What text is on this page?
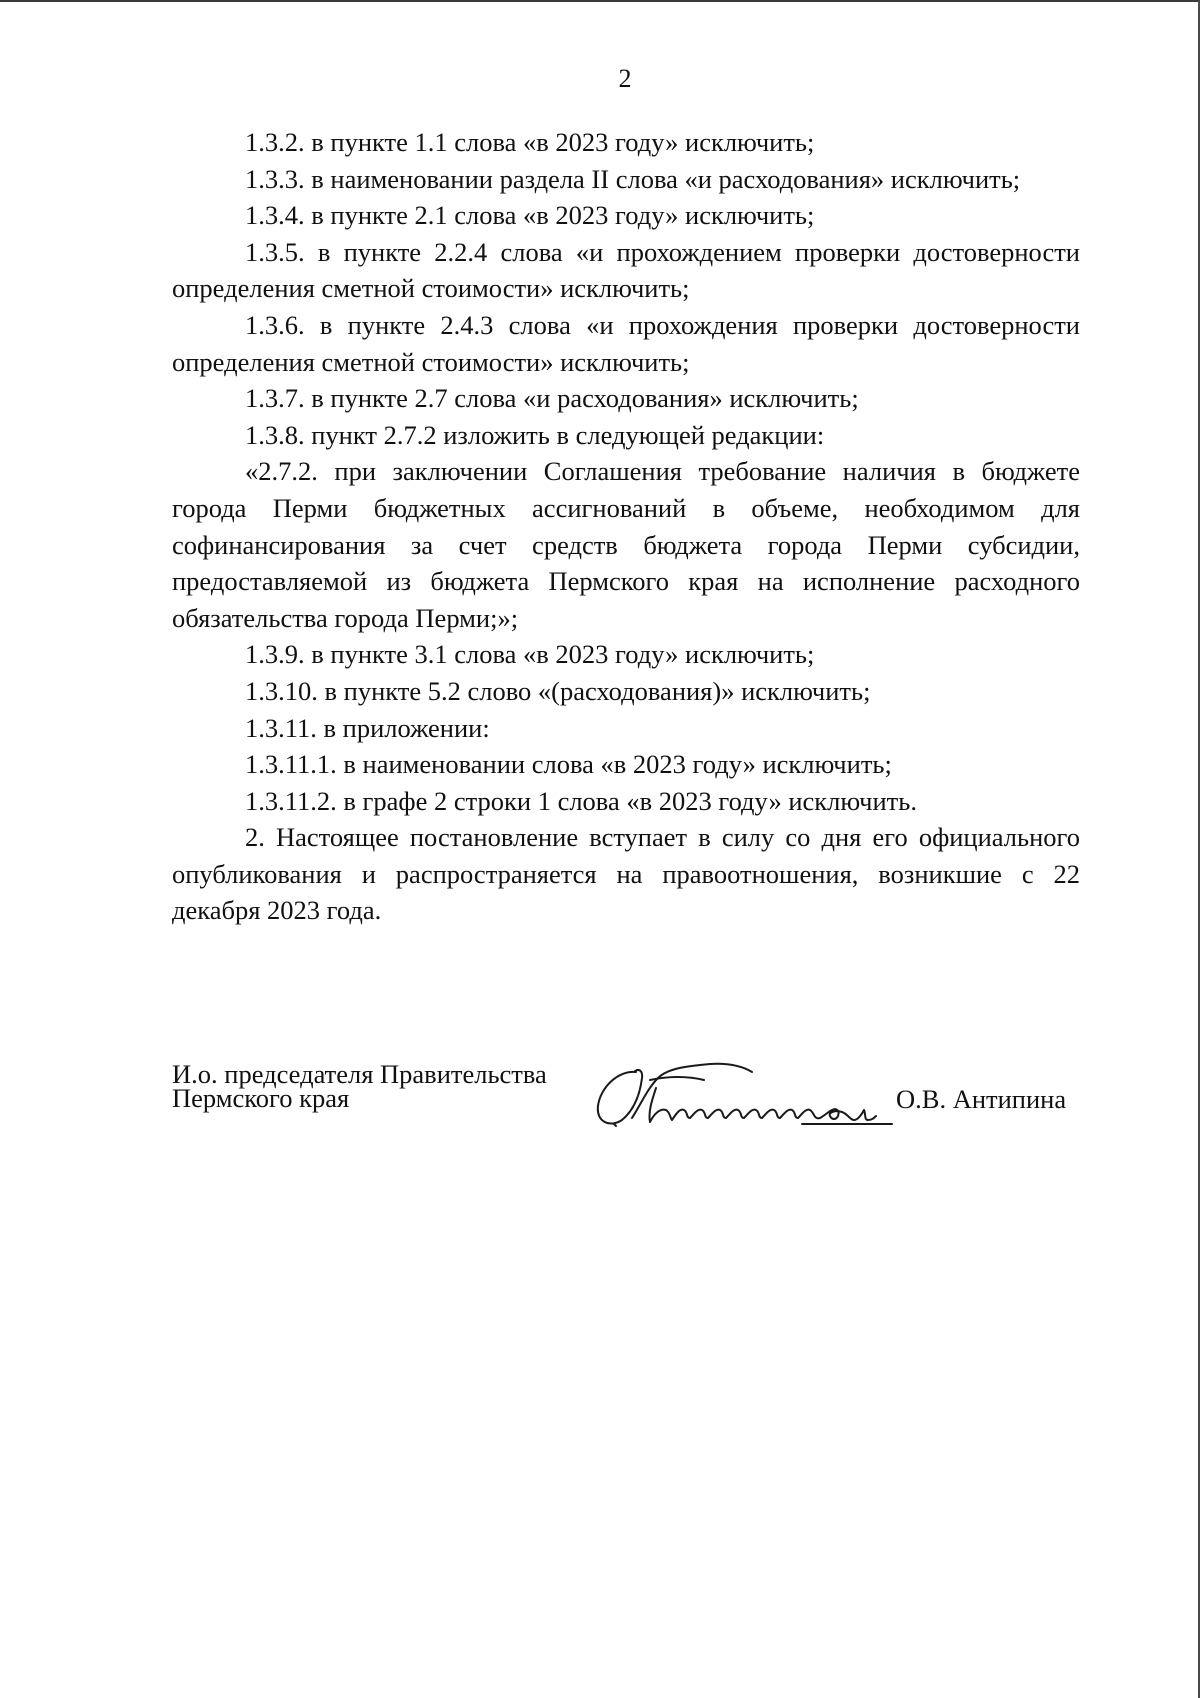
2

1.3.2. в пункте 1.1 слова «в 2023 году» исключить;

1.3.3. в наименовании раздела II слова «и расходования» исключить;

1.3.4. в пункте 2.1 слова «в 2023 году» исключить;

1.3.5. в пункте 2.2.4 слова «и прохождением проверки достоверности определения сметной стоимости» исключить;

1.3.6. в пункте 2.4.3 слова «и прохождения проверки достоверности определения сметной стоимости» исключить;

1.3.7. в пункте 2.7 слова «и расходования» исключить;

1.3.8. пункт 2.7.2 изложить в следующей редакции:

«2.7.2. при заключении Соглашения требование наличия в бюджете города Перми бюджетных ассигнований в объеме, необходимом для софинансирования за счет средств бюджета города Перми субсидии, предоставляемой из бюджета Пермского края на исполнение расходного обязательства города Перми;»;

1.3.9. в пункте 3.1 слова «в 2023 году» исключить;

1.3.10. в пункте 5.2 слово «(расходования)» исключить;

1.3.11. в приложении:

1.3.11.1. в наименовании слова «в 2023 году» исключить;

1.3.11.2. в графе 2 строки 1 слова «в 2023 году» исключить.

2. Настоящее постановление вступает в силу со дня его официального опубликования и распространяется на правоотношения, возникшие с 22 декабря 2023 года.

И.о. председателя Правительства
Пермского края	О.В. Антипина
